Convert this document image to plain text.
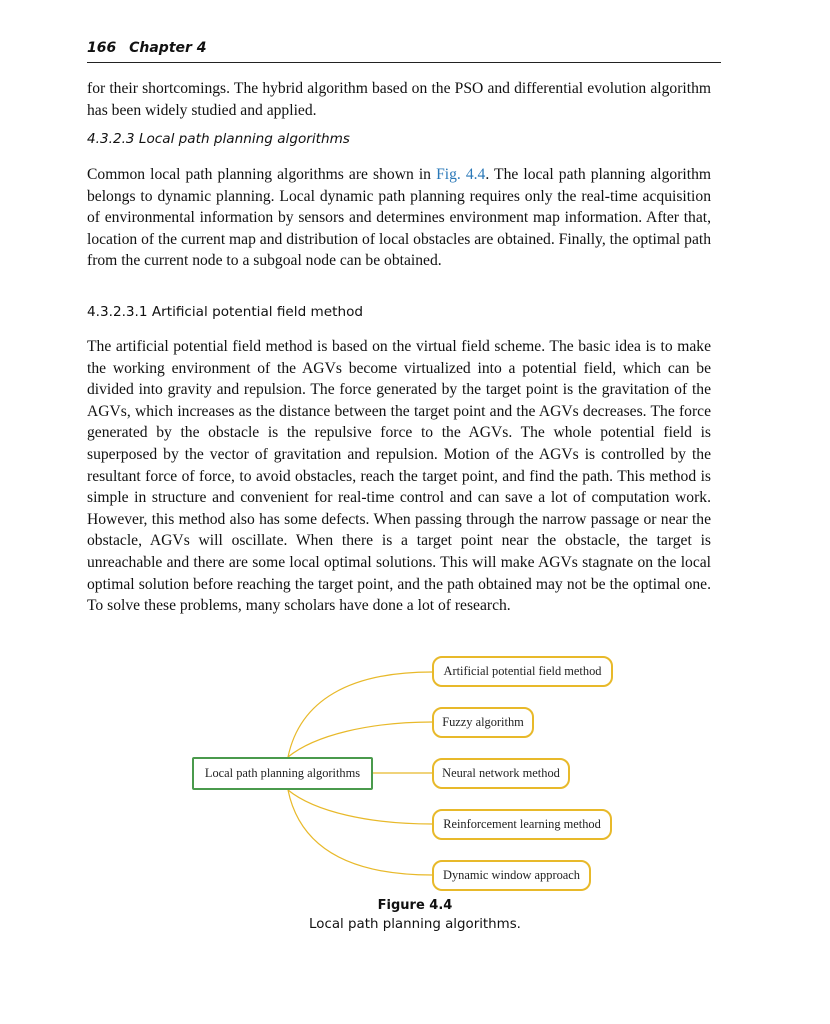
166 Chapter 4

for their shortcomings. The hybrid algorithm based on the PSO and differential evolution algorithm has been widely studied and applied.

4.3.2.3 Local path planning algorithms

Common local path planning algorithms are shown in Fig. 4.4. The local path planning algorithm belongs to dynamic planning. Local dynamic path planning requires only the real-time acquisition of environmental information by sensors and determines environment map information. After that, location of the current map and distribution of local obstacles are obtained. Finally, the optimal path from the current node to a subgoal node can be obtained.

4.3.2.3.1 Artificial potential field method

The artificial potential field method is based on the virtual field scheme. The basic idea is to make the working environment of the AGVs become virtualized into a potential field, which can be divided into gravity and repulsion. The force generated by the target point is the gravitation of the AGVs, which increases as the distance between the target point and the AGVs decreases. The force generated by the obstacle is the repulsive force to the AGVs. The whole potential field is superposed by the vector of gravitation and repulsion. Motion of the AGVs is controlled by the resultant force of force, to avoid obstacles, reach the target point, and find the path. This method is simple in structure and convenient for real-time control and can save a lot of computation work. However, this method also has some defects. When passing through the narrow passage or near the obstacle, AGVs will oscillate. When there is a target point near the obstacle, the target is unreachable and there are some local optimal solutions. This will make AGVs stagnate on the local optimal solution before reaching the target point, and the path obtained may not be the optimal one. To solve these problems, many scholars have done a lot of research.

Local path planning algorithms
Artificial potential field method
Fuzzy algorithm
Neural network method
Reinforcement learning method
Dynamic window approach

Figure 4.4

Local path planning algorithms.
